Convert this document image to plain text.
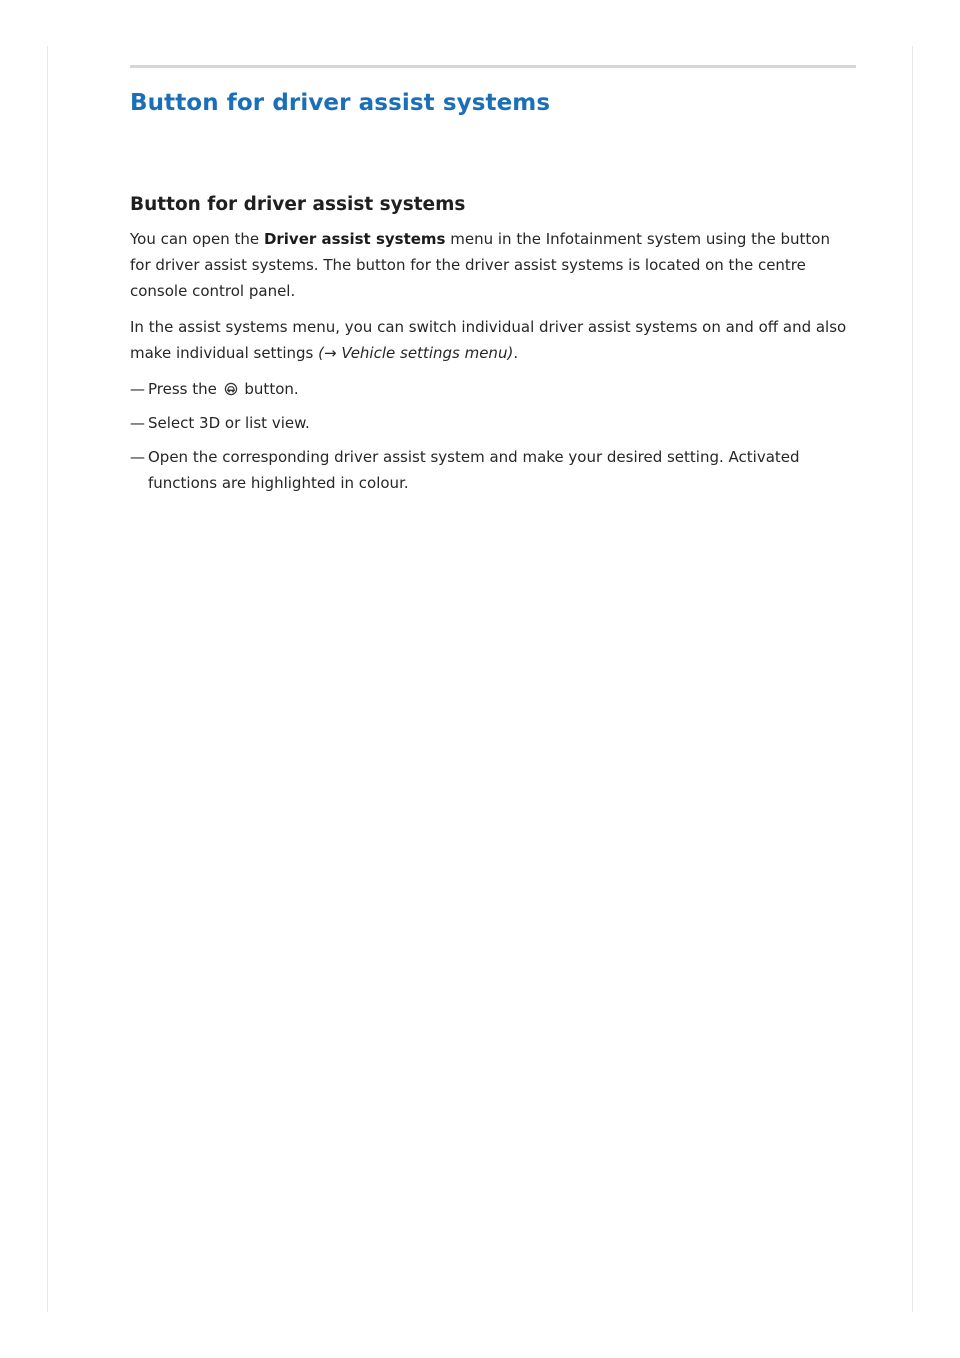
Button for driver assist systems
Button for driver assist systems

You can open the Driver assist systems menu in the Infotainment system using the button for driver assist systems. The button for the driver assist systems is located on the centre console control panel.

In the assist systems menu, you can switch individual driver assist systems on and off and also make individual settings (→ Vehicle settings menu).

— Press the  button.
— Select 3D or list view.
— Open the corresponding driver assist system and make your desired setting. Activated functions are highlighted in colour.
